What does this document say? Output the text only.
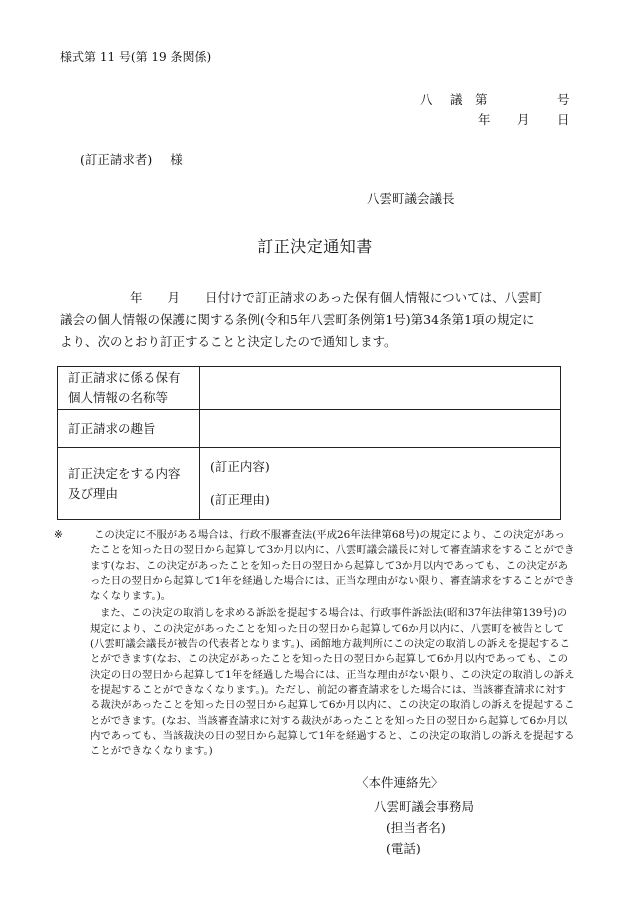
様式第 11 号(第 19 条関係)
八 議 第	号
年 月 日
(訂正請求者) 様
八雲町議会議長
訂正決定通知書

年 月 日付けで訂正請求のあった保有個人情報については、八雲町

議会の個人情報の保護に関する条例(令和5年八雲町条例第1号)第34条第1項の規定に

より、次のとおり訂正することと決定したので通知します。

訂正請求に係る保有
個人情報の名称等	

訂正請求の趣旨	

訂正決定をする内容
及び理由	(訂正内容)
(訂正理由)

※	この決定に不服がある場合は、行政不服審査法(平成26年法律第68号)の規定により、この決定があったことを知った日の翌日から起算して3か月以内に、八雲町議会議長に対して審査請求をすることができます(なお、この決定があったことを知った日の翌日から起算して3か月以内であっても、この決定があった日の翌日から起算して1年を経過した場合には、正当な理由がない限り、審査請求をすることができなくなります。)。

また、この決定の取消しを求める訴訟を提起する場合は、行政事件訴訟法(昭和37年法律第139号)の規定により、この決定があったことを知った日の翌日から起算して6か月以内に、八雲町を被告として(八雲町議会議長が被告の代表者となります。)、函館地方裁判所にこの決定の取消しの訴えを提起することができます(なお、この決定があったことを知った日の翌日から起算して6か月以内であっても、この決定の日の翌日から起算して1年を経過した場合には、正当な理由がない限り、この決定の取消しの訴えを提起することができなくなります。)。ただし、前記の審査請求をした場合には、当該審査請求に対する裁決があったことを知った日の翌日から起算して6か月以内に、この決定の取消しの訴えを提起することができます。(なお、当該審査請求に対する裁決があったことを知った日の翌日から起算して6か月以内であっても、当該裁決の日の翌日から起算して1年を経過すると、この決定の取消しの訴えを提起することができなくなります。)

〈本件連絡先〉
八雲町議会事務局
(担当者名)
(電話)
